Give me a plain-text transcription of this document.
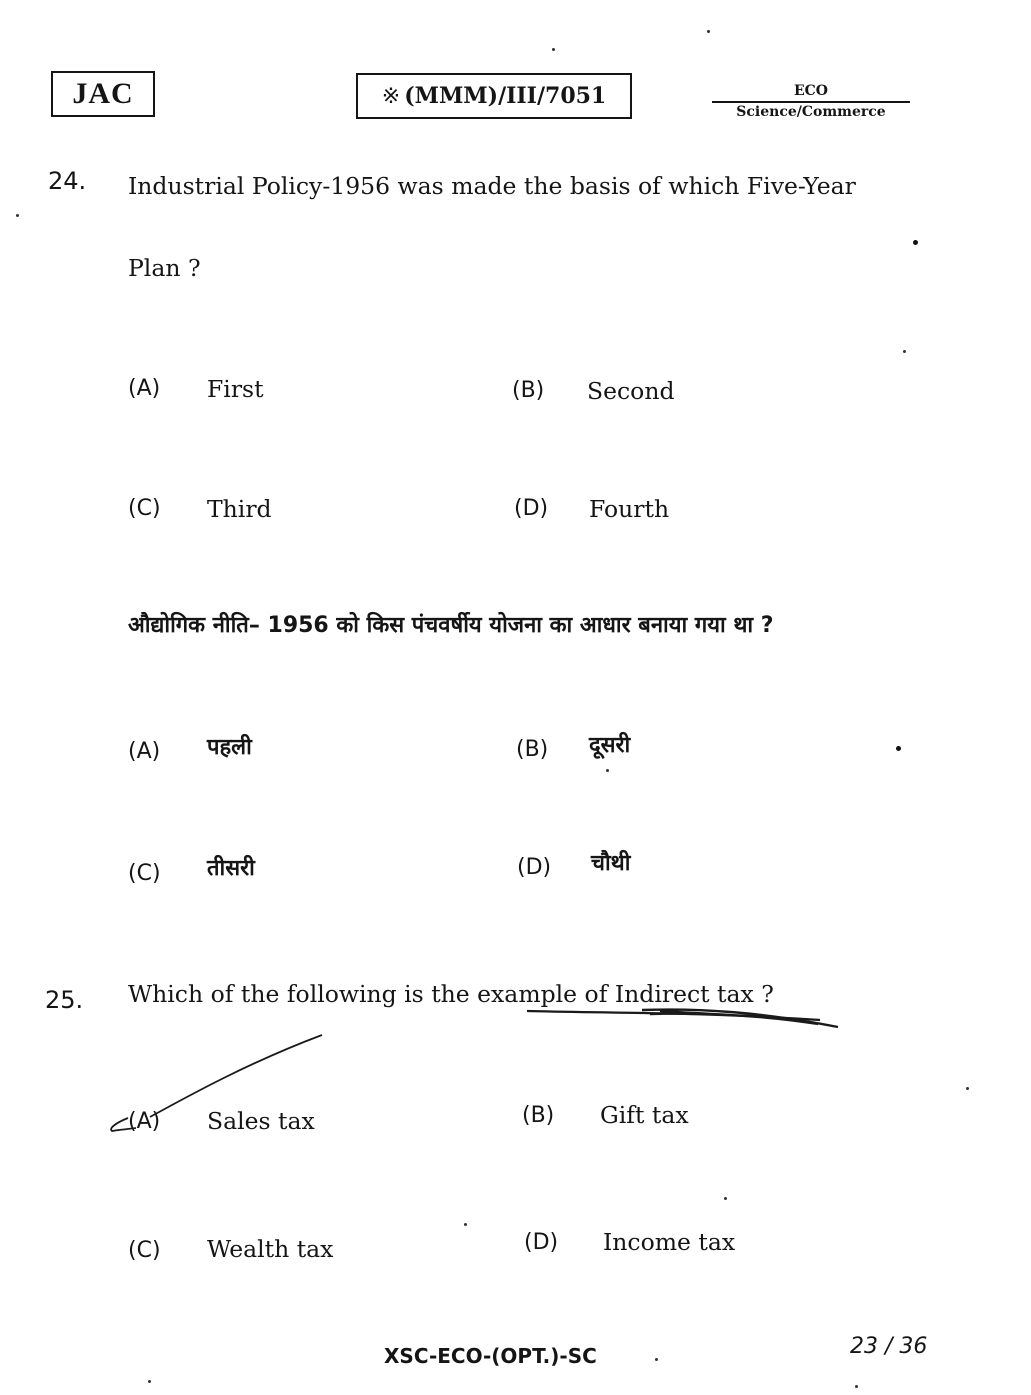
JAC	※ (MMM)/III/7051	ECO
Science/Commerce
24. Industrial Policy-1956 was made the basis of which Five-Year
Plan ?
(A) First	(B) Second
(C) Third	(D) Fourth
औद्योगिक नीति– 1956 को किस पंचवर्षीय योजना का आधार बनाया गया था ?
(A) पहली	(B) दूसरी
(C) तीसरी	(D) चौथी
25. Which of the following is the example of Indirect tax ?
(A) Sales tax	(B) Gift tax
(C) Wealth tax	(D) Income tax
XSC-ECO-(OPT.)-SC	23 / 36
